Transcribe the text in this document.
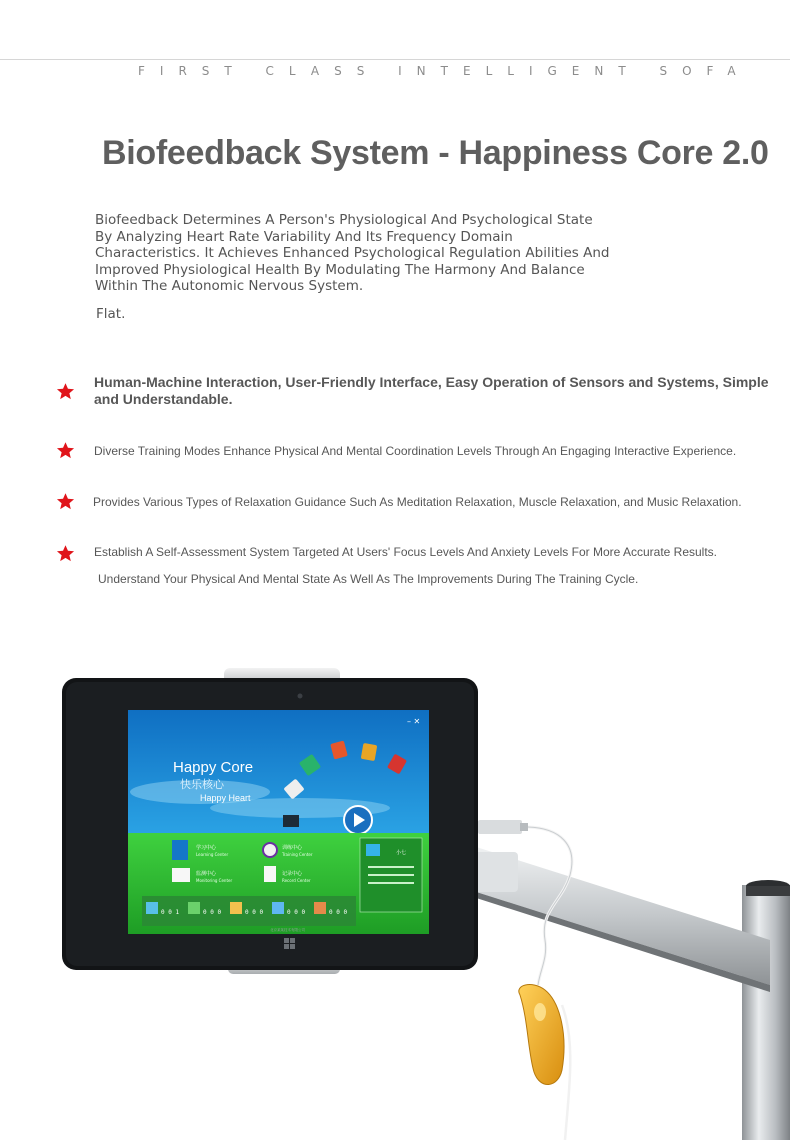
FIRST CLASS INTELLIGENT SOFA
Biofeedback System - Happiness Core 2.0
Biofeedback Determines A Person's Physiological And Psychological State
By Analyzing Heart Rate Variability And Its Frequency Domain
Characteristics. It Achieves Enhanced Psychological Regulation Abilities And
Improved Physiological Health By Modulating The Harmony And Balance
Within The Autonomic Nervous System.
Flat.
Human-Machine Interaction, User-Friendly Interface, Easy Operation of Sensors and Systems, Simple and Understandable.
Diverse Training Modes Enhance Physical And Mental Coordination Levels Through An Engaging Interactive Experience.
Provides Various Types of Relaxation Guidance Such As Meditation Relaxation, Muscle Relaxation, and Music Relaxation.
Establish A Self-Assessment System Targeted At Users' Focus Levels And Anxiety Levels For More Accurate Results.
Understand Your Physical And Mental State As Well As The Improvements During The Training Cycle.
Happy Core
快乐核心
Happy Heart
– ✕
学习中心
Learning Center
训练中心
Training Center
监测中心
Monitoring Center
记录中心
Record Center
小七
0 0 1	0 0 0	0 0 0	0 0 0	0 0 0
北京某某技术有限公司
